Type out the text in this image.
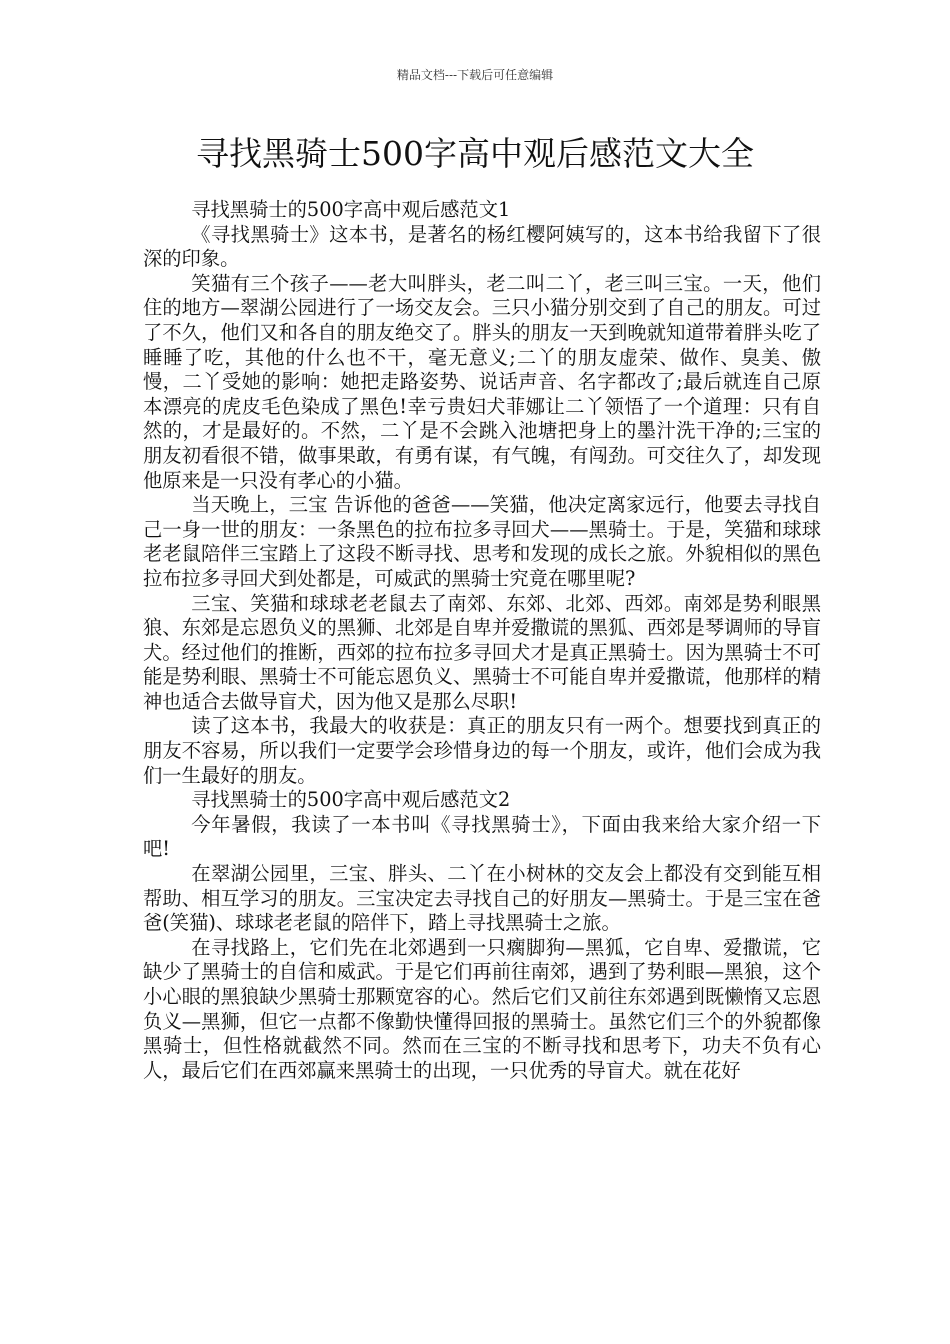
精品文档---下载后可任意编辑
寻找黑骑士500字高中观后感范文大全

寻找黑骑士的500字高中观后感范文1

《寻找黑骑士》这本书，是著名的杨红樱阿姨写的，这本书给我留下了很深的印象。

笑猫有三个孩子——老大叫胖头，老二叫二丫，老三叫三宝。一天，他们住的地方—翠湖公园进行了一场交友会。三只小猫分别交到了自己的朋友。可过了不久，他们又和各自的朋友绝交了。胖头的朋友一天到晚就知道带着胖头吃了睡睡了吃，其他的什么也不干，毫无意义;二丫的朋友虚荣、做作、臭美、傲慢，二丫受她的影响：她把走路姿势、说话声音、名字都改了;最后就连自己原本漂亮的虎皮毛色染成了黑色!幸亏贵妇犬菲娜让二丫领悟了一个道理：只有自然的，才是最好的。不然，二丫是不会跳入池塘把身上的墨汁洗干净的;三宝的朋友初看很不错，做事果敢，有勇有谋，有气魄，有闯劲。可交往久了，却发现他原来是一只没有孝心的小猫。

当天晚上，三宝 告诉他的爸爸——笑猫，他决定离家远行，他要去寻找自己一身一世的朋友：一条黑色的拉布拉多寻回犬——黑骑士。于是，笑猫和球球老老鼠陪伴三宝踏上了这段不断寻找、思考和发现的成长之旅。外貌相似的黑色拉布拉多寻回犬到处都是，可威武的黑骑士究竟在哪里呢?

三宝、笑猫和球球老老鼠去了南郊、东郊、北郊、西郊。南郊是势利眼黑狼、东郊是忘恩负义的黑狮、北郊是自卑并爱撒谎的黑狐、西郊是琴调师的导盲犬。经过他们的推断，西郊的拉布拉多寻回犬才是真正黑骑士。因为黑骑士不可能是势利眼、黑骑士不可能忘恩负义、黑骑士不可能自卑并爱撒谎，他那样的精神也适合去做导盲犬，因为他又是那么尽职!

读了这本书，我最大的收获是：真正的朋友只有一两个。想要找到真正的朋友不容易，所以我们一定要学会珍惜身边的每一个朋友，或许，他们会成为我们一生最好的朋友。

寻找黑骑士的500字高中观后感范文2

今年暑假，我读了一本书叫《寻找黑骑士》，下面由我来给大家介绍一下吧!

在翠湖公园里，三宝、胖头、二丫在小树林的交友会上都没有交到能互相帮助、相互学习的朋友。三宝决定去寻找自己的好朋友—黑骑士。于是三宝在爸爸(笑猫)、球球老老鼠的陪伴下，踏上寻找黑骑士之旅。

在寻找路上，它们先在北郊遇到一只瘸脚狗—黑狐，它自卑、爱撒谎，它缺少了黑骑士的自信和威武。于是它们再前往南郊，遇到了势利眼—黑狼，这个小心眼的黑狼缺少黑骑士那颗宽容的心。然后它们又前往东郊遇到既懒惰又忘恩负义—黑狮，但它一点都不像勤快懂得回报的黑骑士。虽然它们三个的外貌都像黑骑士，但性格就截然不同。然而在三宝的不断寻找和思考下，功夫不负有心人，最后它们在西郊赢来黑骑士的出现，一只优秀的导盲犬。就在花好
